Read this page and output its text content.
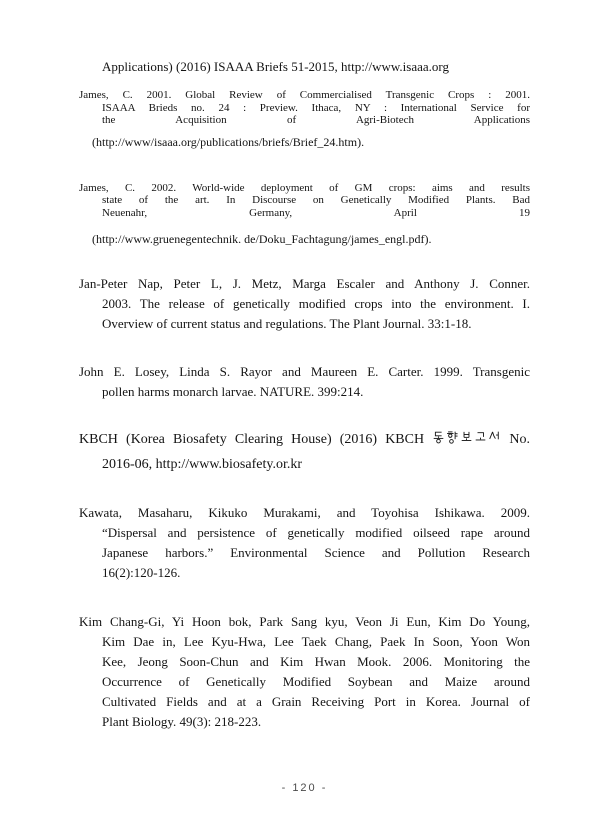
Applications) (2016) ISAAA Briefs 51-2015, http://www.isaaa.org
James, C. 2001. Global Review of Commercialised Transgenic Crops : 2001.
ISAAA Brieds no. 24 : Preview. Ithaca, NY : International Service for
the Acquisition of Agri-Biotech Applications
(http://www/isaaa.org/publications/briefs/Brief_24.htm).
James, C. 2002. World-wide deployment of GM crops: aims and results
state of the art. In Discourse on Genetically Modified Plants. Bad
Neuenahr, Germany, April 19
(http://www.gruenegentechnik. de/Doku_Fachtagung/james_engl.pdf).
Jan-Peter Nap, Peter L, J. Metz, Marga Escaler and Anthony J. Conner.
2003. The release of genetically modified crops into the environment. I.
Overview of current status and regulations. The Plant Journal. 33:1-18.
John E. Losey, Linda S. Rayor and Maureen E. Carter. 1999. Transgenic
pollen harms monarch larvae. NATURE. 399:214.
KBCH (Korea Biosafety Clearing House) (2016) KBCH	No.
2016-06, http://www.biosafety.or.kr
Kawata, Masaharu, Kikuko Murakami, and Toyohisa Ishikawa. 2009.
“Dispersal and persistence of genetically modified oilseed rape around
Japanese harbors.” Environmental Science and Pollution Research
16(2):120-126.
Kim Chang-Gi, Yi Hoon bok, Park Sang kyu, Veon Ji Eun, Kim Do Young,
Kim Dae in, Lee Kyu-Hwa, Lee Taek Chang, Paek In Soon, Yoon Won
Kee, Jeong Soon-Chun and Kim Hwan Mook. 2006. Monitoring the
Occurrence of Genetically Modified Soybean and Maize around
Cultivated Fields and at a Grain Receiving Port in Korea. Journal of
Plant Biology. 49(3): 218-223.
- 120 -
